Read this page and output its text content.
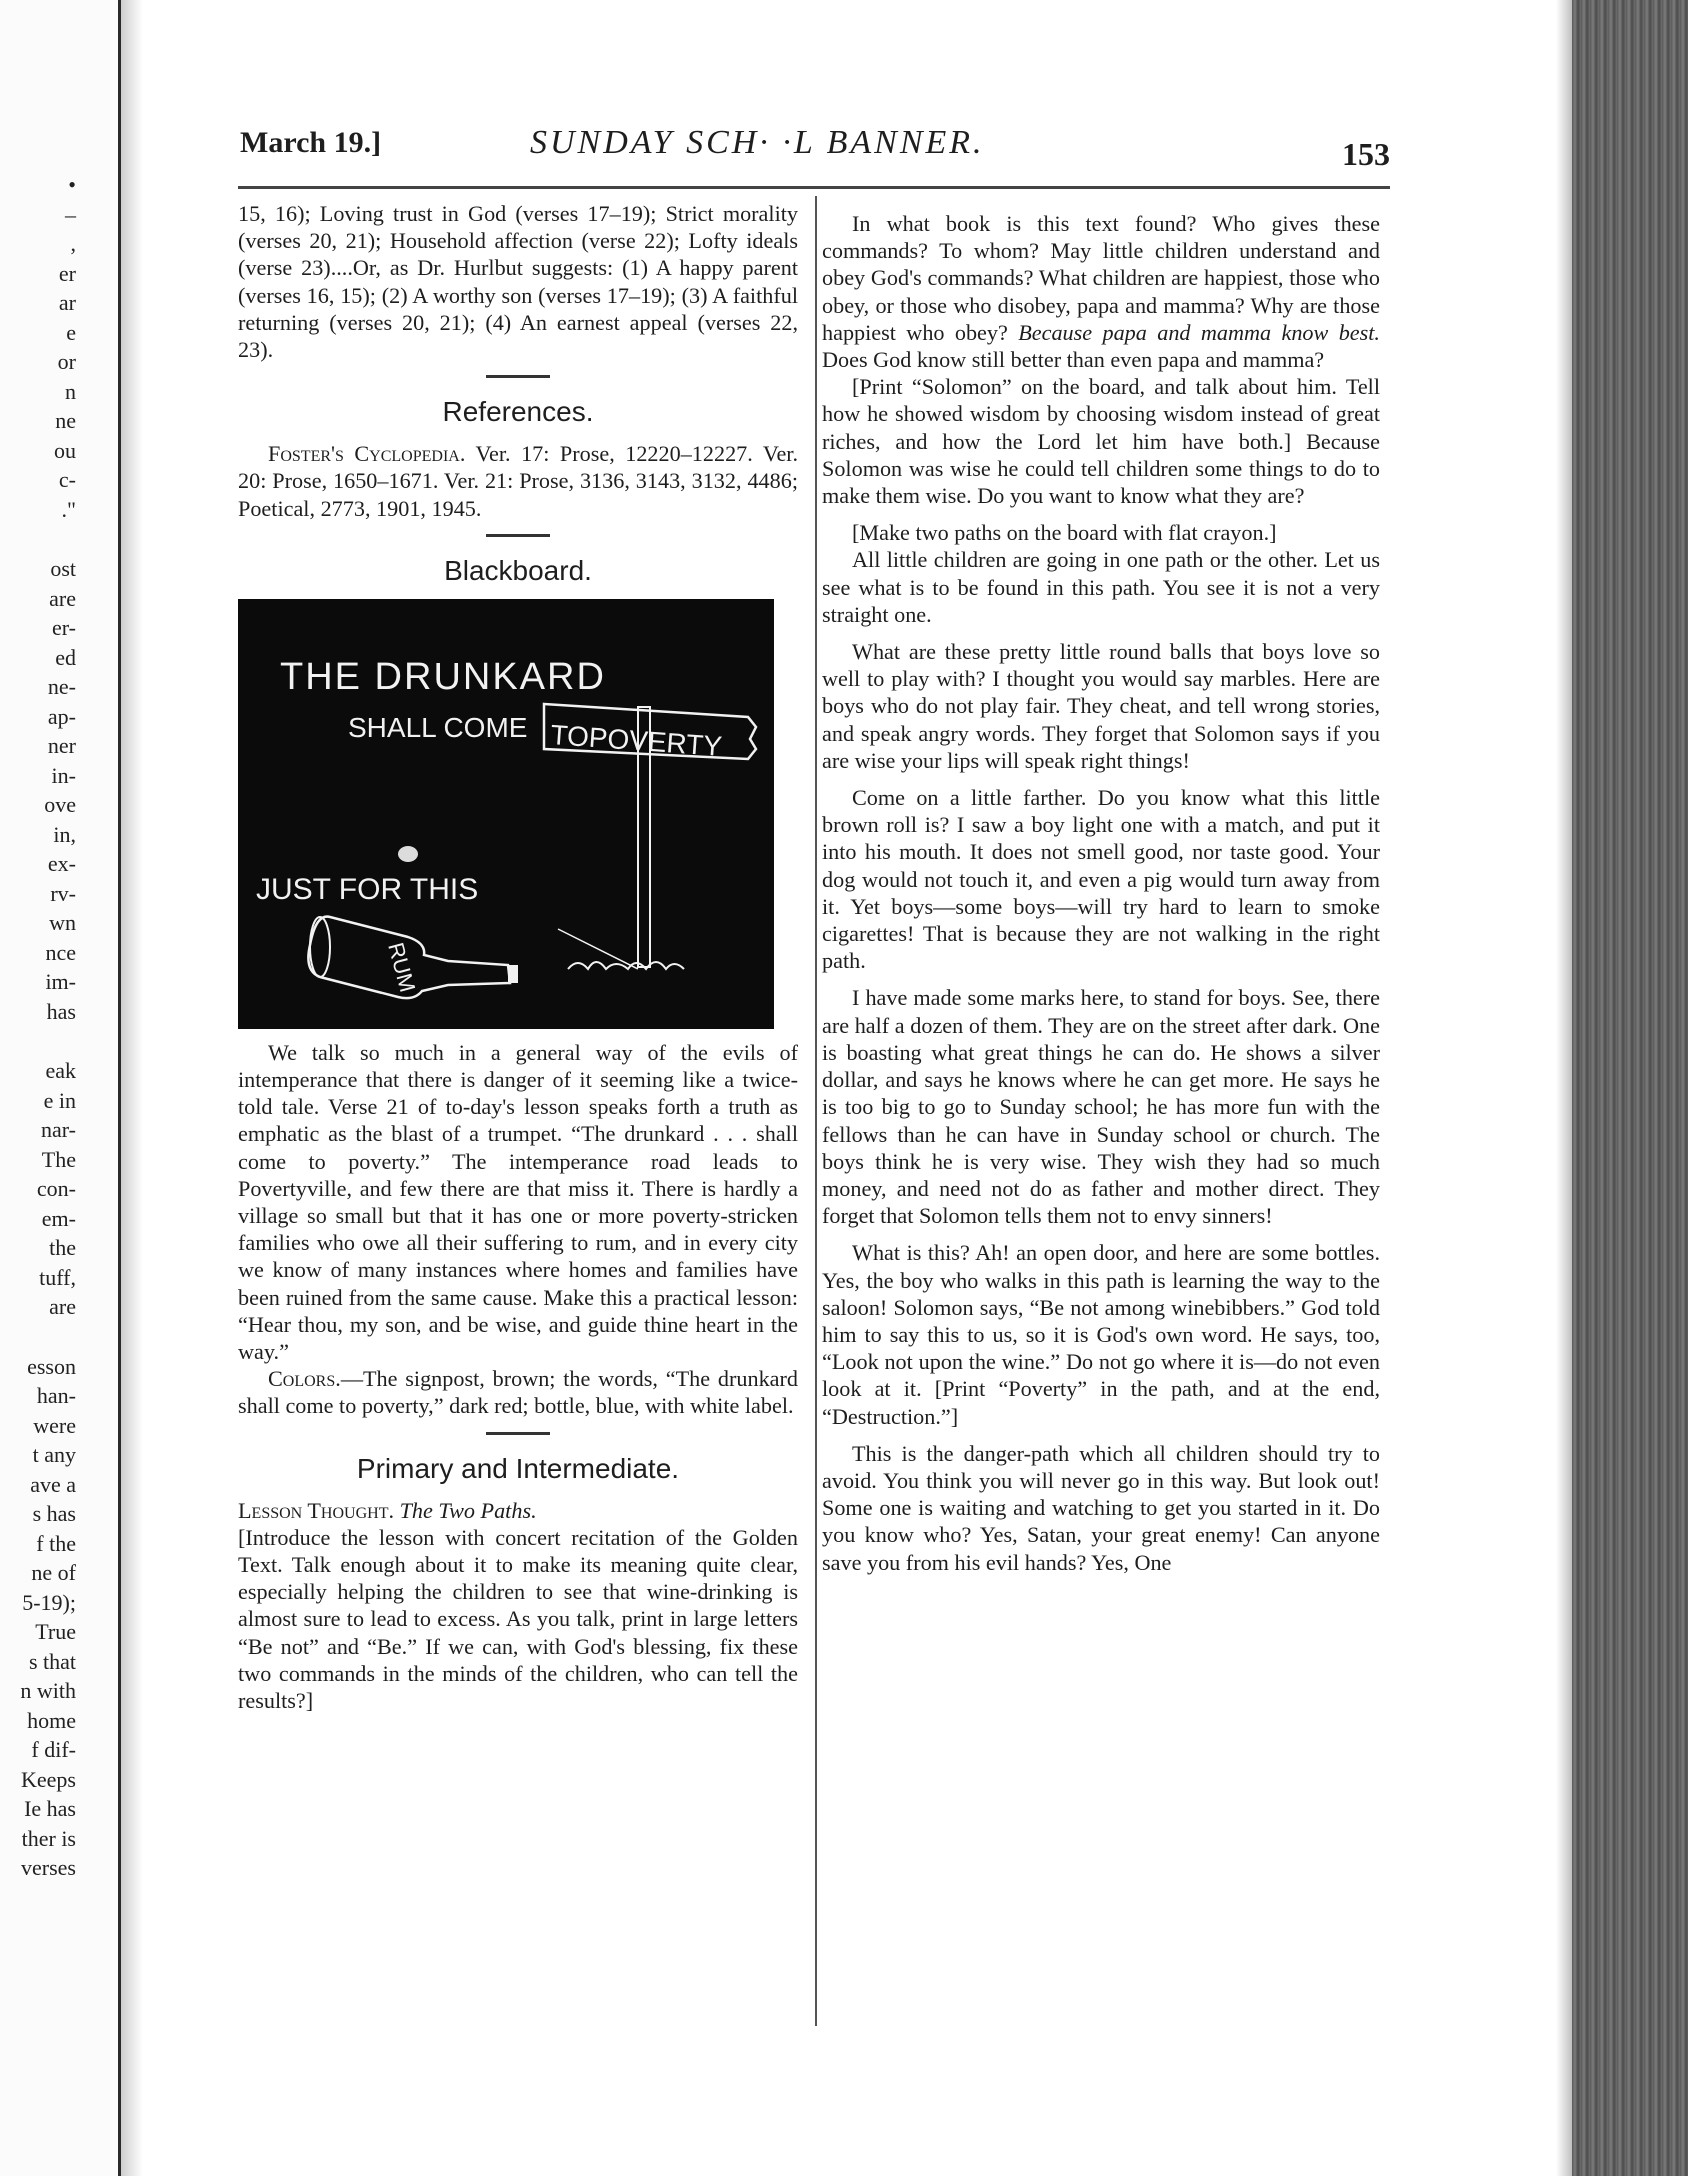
•
–
,
er
ar
e
or
n
ne
ou
c-
."
ost
are
er-
ed
ne-
ap-
ner
in-
ove
in,
ex-
rv-
wn
nce
im-
has
eak
e in
nar-
The
con-
em-
the
tuff,
are
esson
han-
were
t any
ave a
s has
f the
ne of
5-19);
True
s that
n with
home
f dif-
Keeps
Ie has
ther is
verses
March 19.]	SUNDAY SCH· ·L BANNER.	153

15, 16); Loving trust in God (verses 17–19); Strict morality (verses 20, 21); Household affection (verse 22); Lofty ideals (verse 23)....Or, as Dr. Hurlbut suggests: (1) A happy parent (verses 16, 15); (2) A worthy son (verses 17–19); (3) A faithful returning (verses 20, 21); (4) An earnest appeal (verses 22, 23).

References.

Foster's Cyclopedia. Ver. 17: Prose, 12220–12227. Ver. 20: Prose, 1650–1671. Ver. 21: Prose, 3136, 3143, 3132, 4486; Poetical, 2773, 1901, 1945.

Blackboard.
THE DRUNKARD
SHALL COME TOPOVERTY
JUST FOR THIS
RUM

We talk so much in a general way of the evils of intemperance that there is danger of it seeming like a twice-told tale. Verse 21 of to-day's lesson speaks forth a truth as emphatic as the blast of a trumpet. “The drunkard . . . shall come to poverty.” The intemperance road leads to Povertyville, and few there are that miss it. There is hardly a village so small but that it has one or more poverty-stricken families who owe all their suffering to rum, and in every city we know of many instances where homes and families have been ruined from the same cause. Make this a practical lesson: “Hear thou, my son, and be wise, and guide thine heart in the way.”

Colors.—The signpost, brown; the words, “The drunkard shall come to poverty,” dark red; bottle, blue, with white label.

Primary and Intermediate.

Lesson Thought. The Two Paths.

[Introduce the lesson with concert recitation of the Golden Text. Talk enough about it to make its meaning quite clear, especially helping the children to see that wine-drinking is almost sure to lead to excess. As you talk, print in large letters “Be not” and “Be.” If we can, with God's blessing, fix these two commands in the minds of the children, who can tell the results?]

In what book is this text found? Who gives these commands? To whom? May little children understand and obey God's commands? What children are happiest, those who obey, or those who disobey, papa and mamma? Why are those happiest who obey? Because papa and mamma know best. Does God know still better than even papa and mamma?

[Print “Solomon” on the board, and talk about him. Tell how he showed wisdom by choosing wisdom instead of great riches, and how the Lord let him have both.] Because Solomon was wise he could tell children some things to do to make them wise. Do you want to know what they are?

[Make two paths on the board with flat crayon.]

All little children are going in one path or the other. Let us see what is to be found in this path. You see it is not a very straight one.

What are these pretty little round balls that boys love so well to play with? I thought you would say marbles. Here are boys who do not play fair. They cheat, and tell wrong stories, and speak angry words. They forget that Solomon says if you are wise your lips will speak right things!

Come on a little farther. Do you know what this little brown roll is? I saw a boy light one with a match, and put it into his mouth. It does not smell good, nor taste good. Your dog would not touch it, and even a pig would turn away from it. Yet boys—some boys—will try hard to learn to smoke cigarettes! That is because they are not walking in the right path.

I have made some marks here, to stand for boys. See, there are half a dozen of them. They are on the street after dark. One is boasting what great things he can do. He shows a silver dollar, and says he knows where he can get more. He says he is too big to go to Sunday school; he has more fun with the fellows than he can have in Sunday school or church. The boys think he is very wise. They wish they had so much money, and need not do as father and mother direct. They forget that Solomon tells them not to envy sinners!

What is this? Ah! an open door, and here are some bottles. Yes, the boy who walks in this path is learning the way to the saloon! Solomon says, “Be not among winebibbers.” God told him to say this to us, so it is God's own word. He says, too, “Look not upon the wine.” Do not go where it is—do not even look at it. [Print “Poverty” in the path, and at the end, “Destruction.”]

This is the danger-path which all children should try to avoid. You think you will never go in this way. But look out! Some one is waiting and watching to get you started in it. Do you know who? Yes, Satan, your great enemy! Can anyone save you from his evil hands? Yes, One
